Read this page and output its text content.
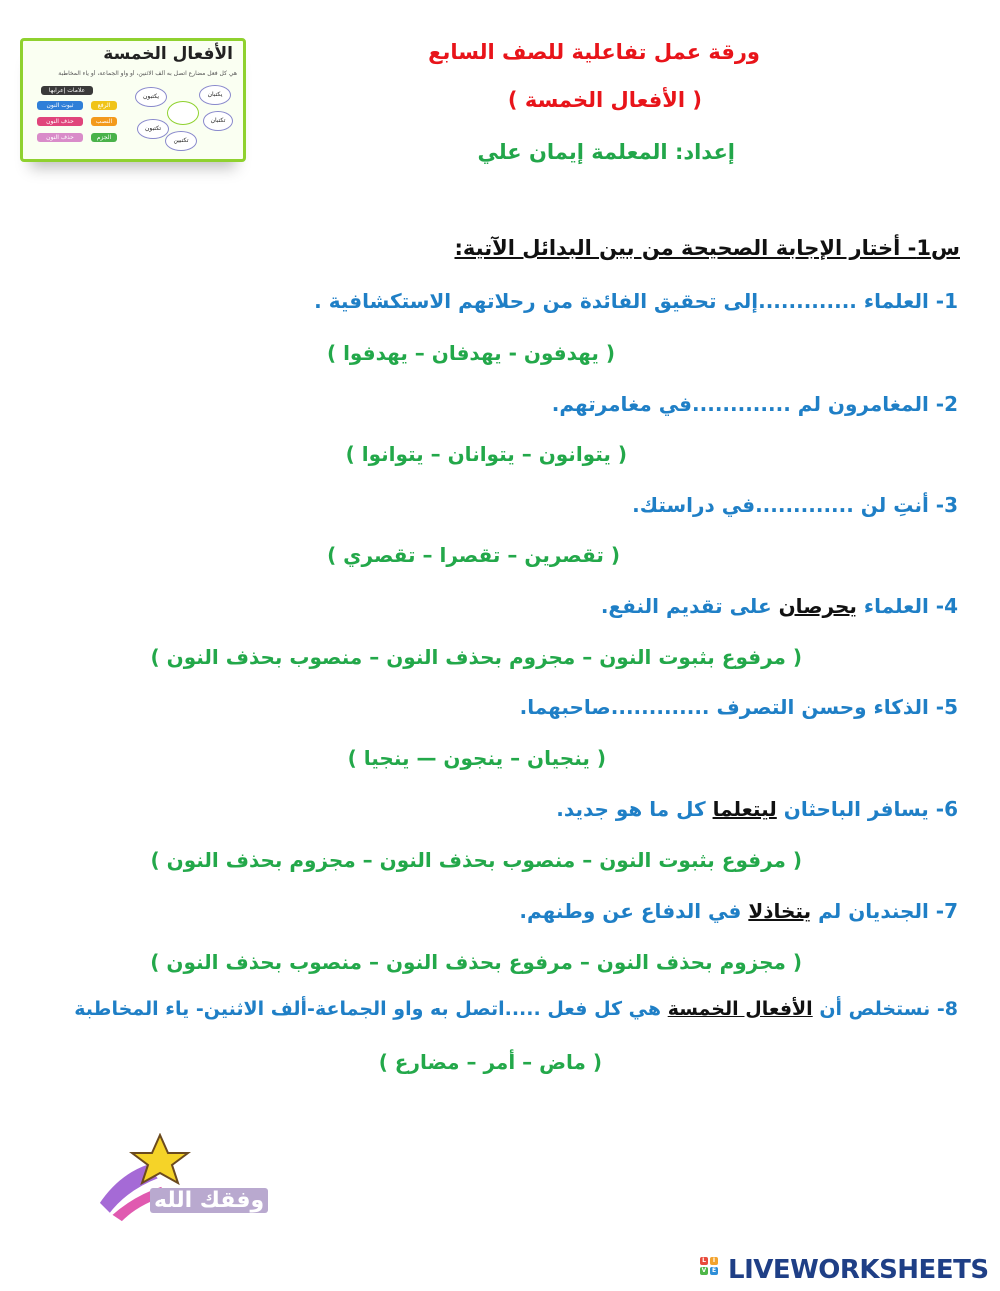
الأفعال الخمسة
هي كل فعل مضارع اتصل به ألف الاثنين، أو واو الجماعة، أو ياء المخاطبة
علامات إعرابها
ثبوت النون
حذف النون
حذف النون
الرفع
النصب
الجزم
يكتبان
تكتبان
يكتبون
تكتبون
تكتبين
ورقة عمل تفاعلية للصف السابع
( الأفعال الخمسة )
إعداد: المعلمة إيمان علي
س1- أختار الإجابة الصحيحة من بين البدائل الآتية:
1- العلماء .............إلى تحقيق الفائدة من رحلاتهم الاستكشافية .
( يهدفون - يهدفان – يهدفوا )
2- المغامرون لم .............في مغامرتهم.
( يتوانون – يتوانان – يتوانوا )
3- أنتِ لن .............في دراستك.
( تقصرين – تقصرا – تقصري )
4- العلماء يحرصان على تقديم النفع.
( مرفوع بثبوت النون – مجزوم بحذف النون – منصوب بحذف النون )
5- الذكاء وحسن التصرف .............صاحبهما.
( ينجيان – ينجون — ينجيا )
6- يسافر الباحثان ليتعلما كل ما هو جديد.
( مرفوع بثبوت النون – منصوب بحذف النون – مجزوم بحذف النون )
7- الجنديان لم يتخاذلا في الدفاع عن وطنهم.
( مجزوم بحذف النون – مرفوع بحذف النون – منصوب بحذف النون )
8- نستخلص أن الأفعال الخمسة هي كل فعل .....اتصل به واو الجماعة-ألف الاثنين- ياء المخاطبة
( ماض – أمر – مضارع )
وفقك الله
L	I
V E LIVEWORKSHEETS
